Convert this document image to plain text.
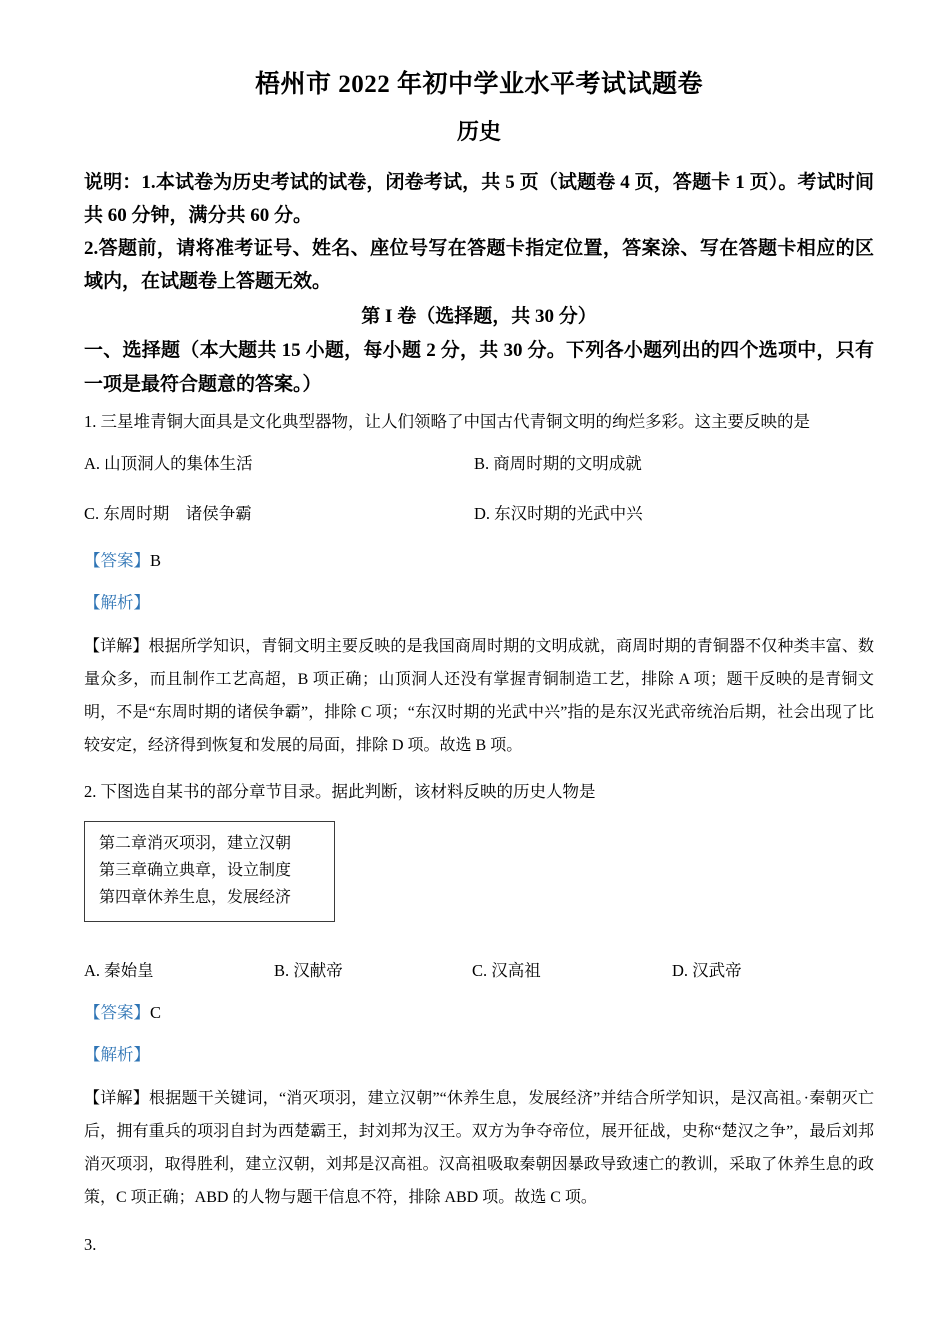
梧州市 2022 年初中学业水平考试试题卷
历史

说明：1.本试卷为历史考试的试卷，闭卷考试，共 5 页（试题卷 4 页，答题卡 1 页）。考试时间共 60 分钟，满分共 60 分。

2.答题前，请将准考证号、姓名、座位号写在答题卡指定位置，答案涂、写在答题卡相应的区域内，在试题卷上答题无效。

第 I 卷（选择题，共 30 分）
一、选择题（本大题共 15 小题，每小题 2 分，共 30 分。下列各小题列出的四个选项中，只有一项是最符合题意的答案。）
1. 三星堆青铜大面具是文化典型器物，让人们领略了中国古代青铜文明的绚烂多彩。这主要反映的是
A. 山顶洞人的集体生活	B. 商周时期的文明成就
C. 东周时期　诸侯争霸	D. 东汉时期的光武中兴
【答案】B
【解析】
【详解】根据所学知识，青铜文明主要反映的是我国商周时期的文明成就，商周时期的青铜器不仅种类丰富、数量众多，而且制作工艺高超，B 项正确；山顶洞人还没有掌握青铜制造工艺，排除 A 项；题干反映的是青铜文明，不是“东周时期的诸侯争霸”，排除 C 项；“东汉时期的光武中兴”指的是东汉光武帝统治后期，社会出现了比较安定，经济得到恢复和发展的局面，排除 D 项。故选 B 项。
2. 下图选自某书的部分章节目录。据此判断，该材料反映的历史人物是
第二章消灭项羽，建立汉朝
第三章确立典章，设立制度
第四章休养生息，发展经济
A. 秦始皇	B. 汉献帝	C. 汉高祖	D. 汉武帝
【答案】C
【解析】
【详解】根据题干关键词，“消灭项羽，建立汉朝”“休养生息，发展经济”并结合所学知识，是汉高祖。·秦朝灭亡后，拥有重兵的项羽自封为西楚霸王，封刘邦为汉王。双方为争夺帝位，展开征战，史称“楚汉之争”，最后刘邦消灭项羽，取得胜利，建立汉朝，刘邦是汉高祖。汉高祖吸取秦朝因暴政导致速亡的教训，采取了休养生息的政策，C 项正确；ABD 的人物与题干信息不符，排除 ABD 项。故选 C 项。
3.
